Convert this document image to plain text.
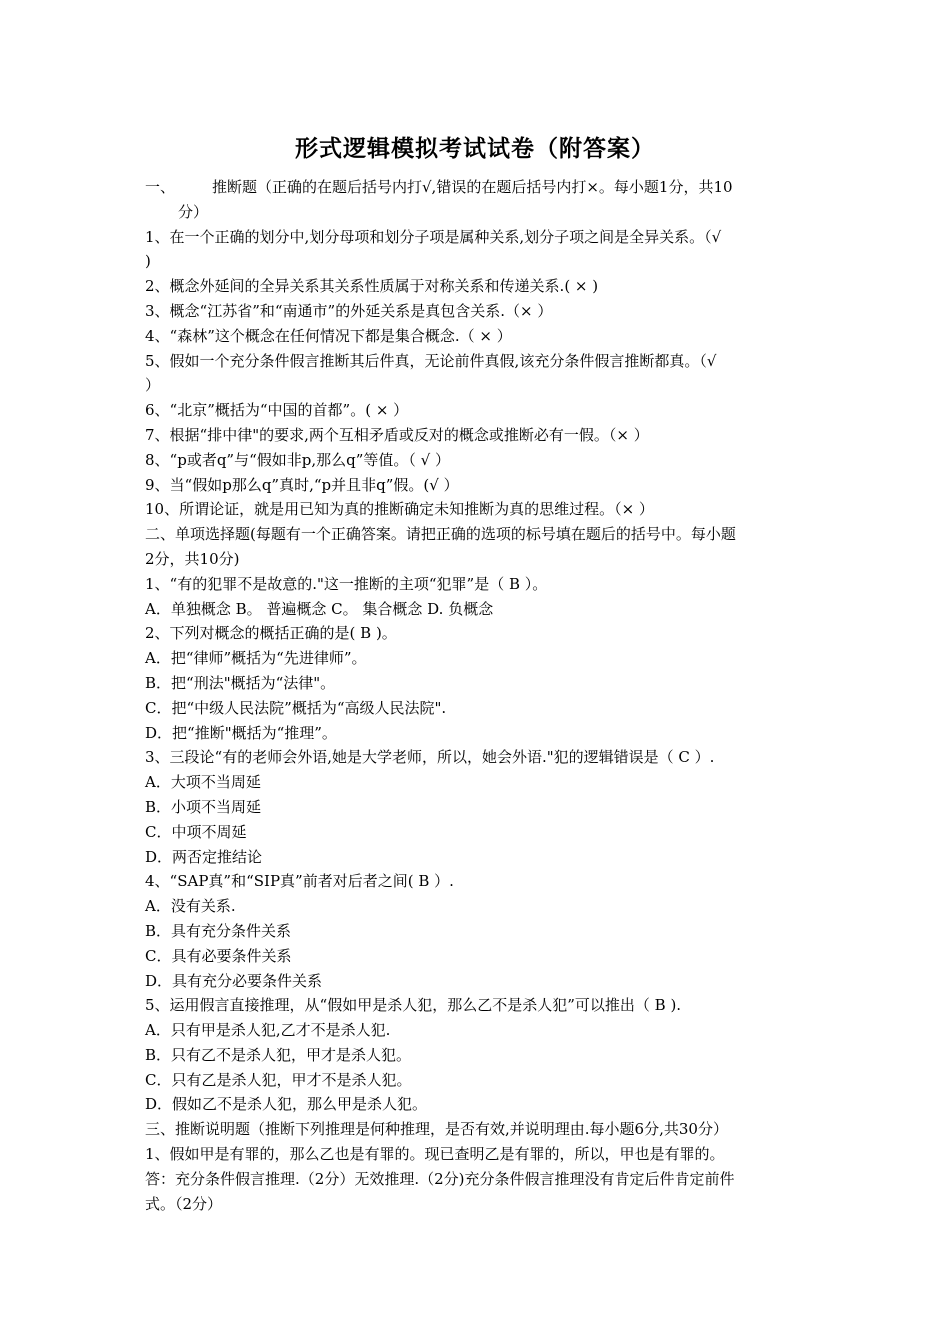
形式逻辑模拟考试试卷（附答案）
一、	推断题（正确的在题后括号内打√,错误的在题后括号内打×。每小题1分，共10
分）
1、在一个正确的划分中,划分母项和划分子项是属种关系,划分子项之间是全异关系。（√
)
2、概念外延间的全异关系其关系性质属于对称关系和传递关系.( × )
3、概念“江苏省”和“南通市”的外延关系是真包含关系.（× ）
4、“森林”这个概念在任何情况下都是集合概念.（ × ）
5、假如一个充分条件假言推断其后件真，无论前件真假,该充分条件假言推断都真。（√
）
6、“北京”概括为“中国的首都”。( × ）
7、根据“排中律"的要求,两个互相矛盾或反对的概念或推断必有一假。（× ）
8、“p或者q”与“假如非p,那么q”等值。（ √ ）
9、当“假如p那么q”真时,“p并且非q”假。(√ ）
10、所谓论证，就是用已知为真的推断确定未知推断为真的思维过程。（× ）
二、单项选择题(每题有一个正确答案。请把正确的选项的标号填在题后的括号中。每小题
2分，共10分)
1、“有的犯罪不是故意的."这一推断的主项“犯罪”是（ B ）。
A．单独概念 B。 普遍概念 C。 集合概念 D. 负概念
2、下列对概念的概括正确的是( B )。
A．把“律师”概括为“先进律师”。
B．把“刑法"概括为“法律"。
C．把“中级人民法院”概括为“高级人民法院".
D．把“推断"概括为“推理”。
3、三段论“有的老师会外语,她是大学老师，所以，她会外语."犯的逻辑错误是（ C ）.
A．大项不当周延
B．小项不当周延
C．中项不周延
D．两否定推结论
4、“SAP真”和“SIP真”前者对后者之间( B ）.
A．没有关系.
B．具有充分条件关系
C．具有必要条件关系
D．具有充分必要条件关系
5、运用假言直接推理，从“假如甲是杀人犯，那么乙不是杀人犯”可以推出（ B ).
A．只有甲是杀人犯,乙才不是杀人犯.
B．只有乙不是杀人犯，甲才是杀人犯。
C．只有乙是杀人犯，甲才不是杀人犯。
D．假如乙不是杀人犯，那么甲是杀人犯。
三、推断说明题（推断下列推理是何种推理，是否有效,并说明理由.每小题6分,共30分）
1、假如甲是有罪的，那么乙也是有罪的。现已查明乙是有罪的，所以，甲也是有罪的。
答：充分条件假言推理.（2分）无效推理.（2分)充分条件假言推理没有肯定后件肯定前件
式。（2分）
